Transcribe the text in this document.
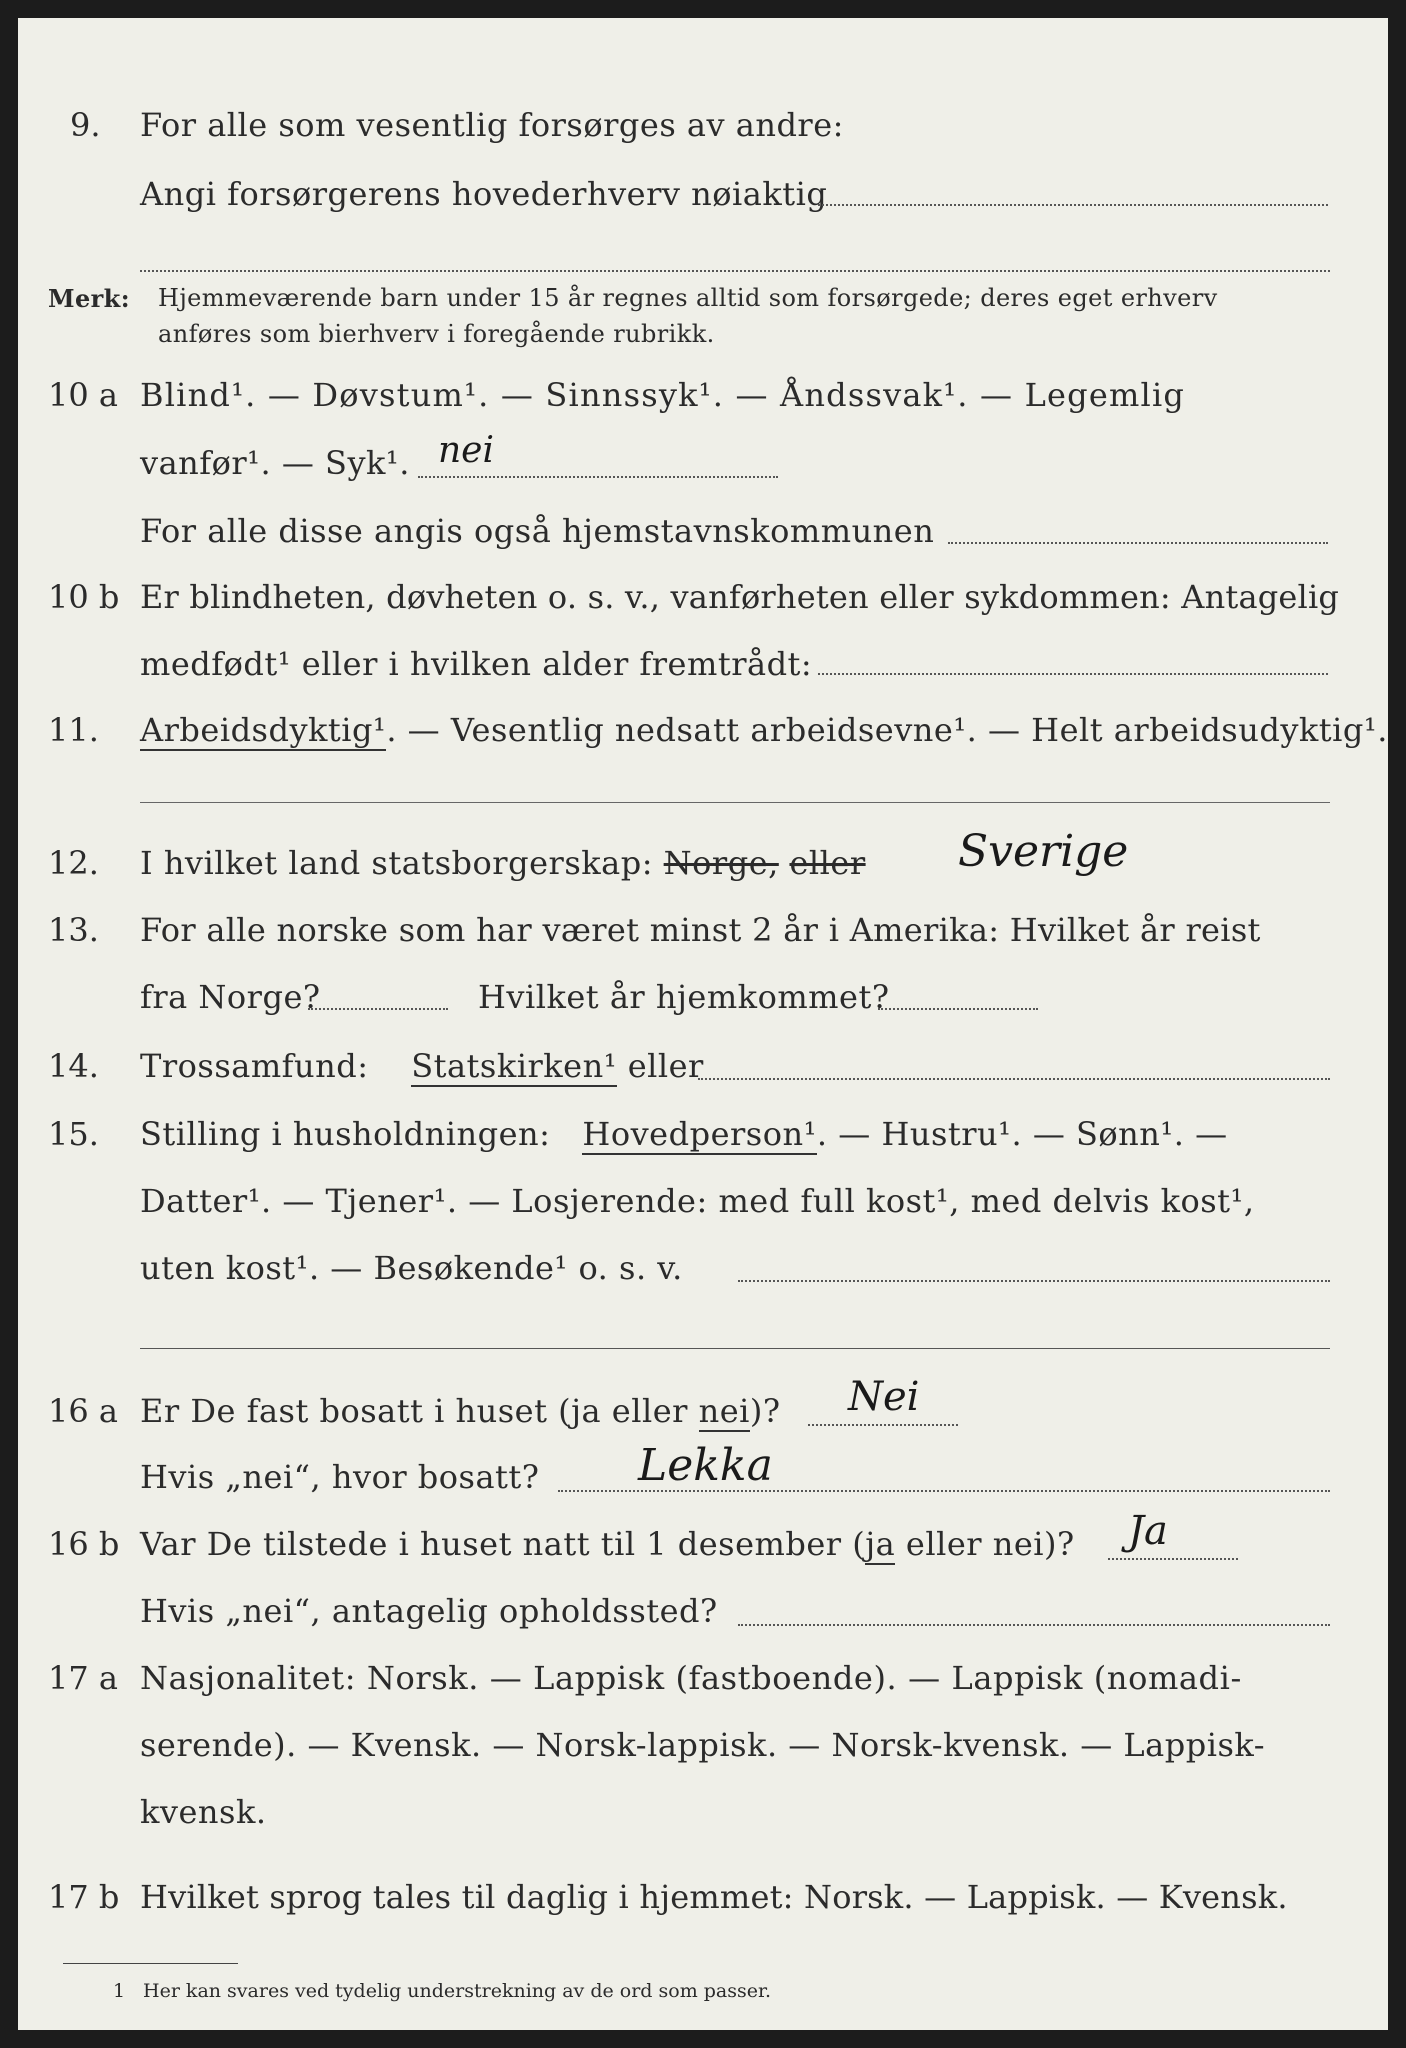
9. For alle som vesentlig forsørges av andre:
Angi forsørgerens hovederhverv nøiaktig
Merk: Hjemmeværende barn under 15 år regnes alltid som forsørgede; deres eget erhverv
anføres som bierhverv i foregående rubrikk.
10 a Blind¹. — Døvstum¹. — Sinnssyk¹. — Åndssvak¹. — Legemlig
vanfør¹. — Syk¹. nei
For alle disse angis også hjemstavnskommunen
10 b Er blindheten, døvheten o. s. v., vanførheten eller sykdommen: Antagelig
medfødt¹ eller i hvilken alder fremtrådt:
11. Arbeidsdyktig¹. — Vesentlig nedsatt arbeidsevne¹. — Helt arbeidsudyktig¹.
12. I hvilket land statsborgerskap: Norge, eller Sverige
13. For alle norske som har været minst 2 år i Amerika: Hvilket år reist
fra Norge?	Hvilket år hjemkommet?
14. Trossamfund: Statskirken¹ eller
15. Stilling i husholdningen: Hovedperson¹. — Hustru¹. — Sønn¹. —
Datter¹. — Tjener¹. — Losjerende: med full kost¹, med delvis kost¹,
uten kost¹. — Besøkende¹ o. s. v.
16 a Er De fast bosatt i huset (ja eller nei)? Nei
Hvis „nei“, hvor bosatt? Lekka
16 b Var De tilstede i huset natt til 1 desember (ja eller nei)? Ja
Hvis „nei“, antagelig opholdssted?
17 a Nasjonalitet: Norsk. — Lappisk (fastboende). — Lappisk (nomadi-
serende). — Kvensk. — Norsk-lappisk. — Norsk-kvensk. — Lappisk-
kvensk.
17 b Hvilket sprog tales til daglig i hjemmet: Norsk. — Lappisk. — Kvensk.
1 Her kan svares ved tydelig understrekning av de ord som passer.
